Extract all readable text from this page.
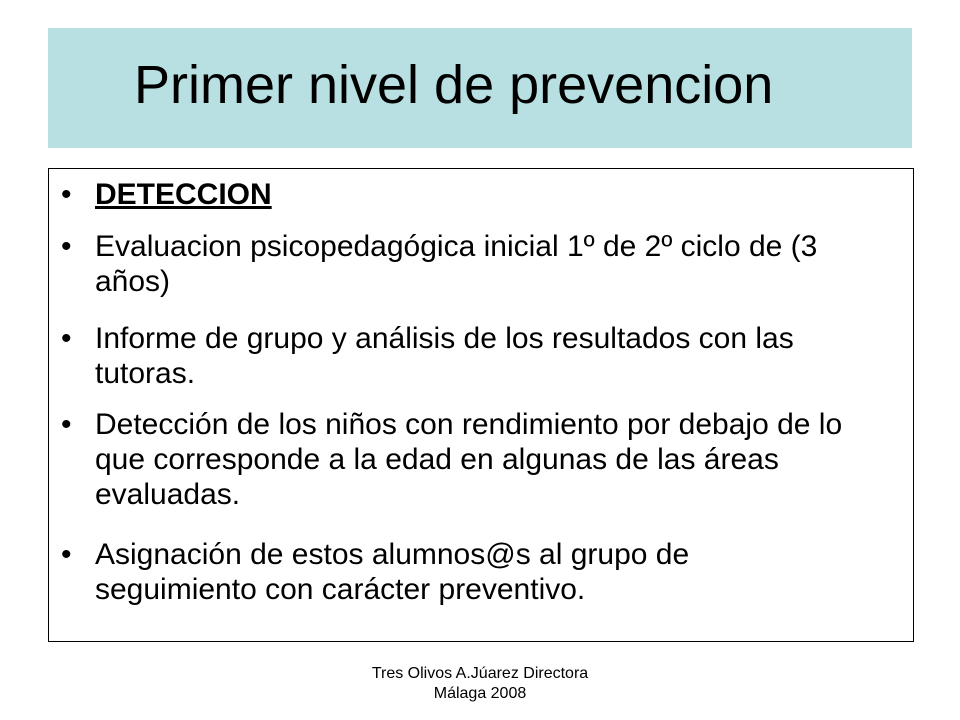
Primer nivel de prevencion
• DETECCION
• Evaluacion psicopedagógica inicial 1º de 2º ciclo de (3 años)
• Informe de grupo y análisis de los resultados con las tutoras.
• Detección de los niños con rendimiento por debajo de lo que corresponde a la edad en algunas de las áreas evaluadas.
• Asignación de estos alumnos@s al grupo de seguimiento con carácter preventivo.
Tres Olivos A.Júarez Directora
Málaga 2008
